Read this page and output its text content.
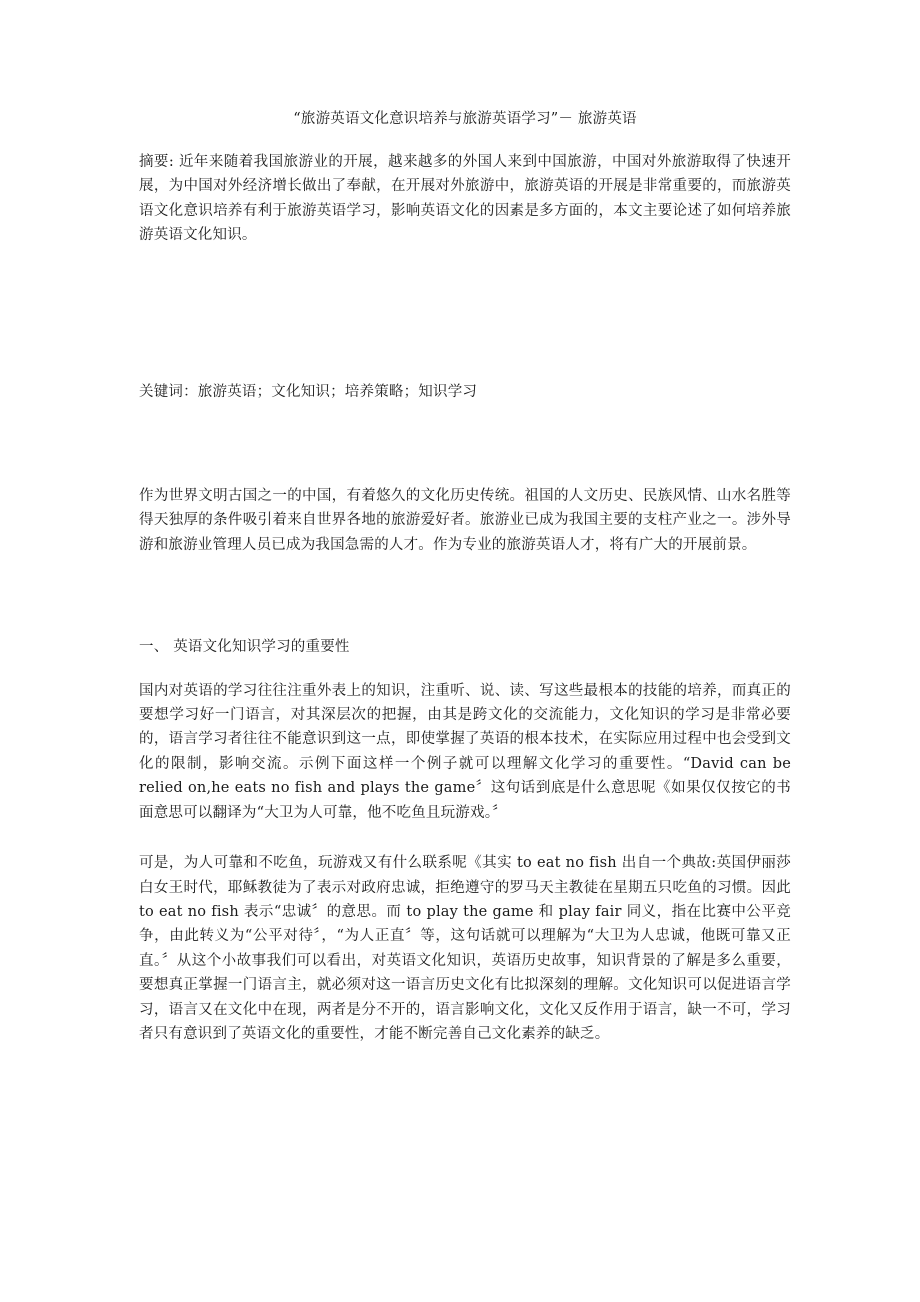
“旅游英语文化意识培养与旅游英语学习”－ 旅游英语

摘要: 近年来随着我国旅游业的开展，越来越多的外国人来到中国旅游，中国对外旅游取得了快速开展，为中国对外经济增长做出了奉献，在开展对外旅游中，旅游英语的开展是非常重要的，而旅游英语文化意识培养有利于旅游英语学习，影响英语文化的因素是多方面的，本文主要论述了如何培养旅游英语文化知识。

关键词：旅游英语；文化知识；培养策略；知识学习

作为世界文明古国之一的中国，有着悠久的文化历史传统。祖国的人文历史、民族风情、山水名胜等得天独厚的条件吸引着来自世界各地的旅游爱好者。旅游业已成为我国主要的支柱产业之一。涉外导游和旅游业管理人员已成为我国急需的人才。作为专业的旅游英语人才，将有广大的开展前景。

一、 英语文化知识学习的重要性

国内对英语的学习往往注重外表上的知识，注重听、说、读、写这些最根本的技能的培养，而真正的要想学习好一门语言，对其深层次的把握，由其是跨文化的交流能力，文化知识的学习是非常必要的，语言学习者往往不能意识到这一点，即使掌握了英语的根本技术，在实际应用过程中也会受到文化的限制，影响交流。示例下面这样一个例子就可以理解文化学习的重要性。“David can be relied on,he eats no fish and plays the game〞这句话到底是什么意思呢《如果仅仅按它的书面意思可以翻译为“大卫为人可靠，他不吃鱼且玩游戏。〞

可是，为人可靠和不吃鱼，玩游戏又有什么联系呢《其实 to eat no fish 出自一个典故:英国伊丽莎白女王时代，耶稣教徒为了表示对政府忠诚，拒绝遵守的罗马天主教徒在星期五只吃鱼的习惯。因此 to eat no fish 表示“忠诚〞的意思。而 to play the game 和 play fair 同义，指在比赛中公平竞争，由此转义为“公平对待〞，“为人正直〞等，这句话就可以理解为“大卫为人忠诚，他既可靠又正直。〞从这个小故事我们可以看出，对英语文化知识，英语历史故事，知识背景的了解是多么重要，要想真正掌握一门语言主，就必须对这一语言历史文化有比拟深刻的理解。文化知识可以促进语言学习，语言又在文化中在现，两者是分不开的，语言影响文化，文化又反作用于语言，缺一不可，学习者只有意识到了英语文化的重要性，才能不断完善自己文化素养的缺乏。
